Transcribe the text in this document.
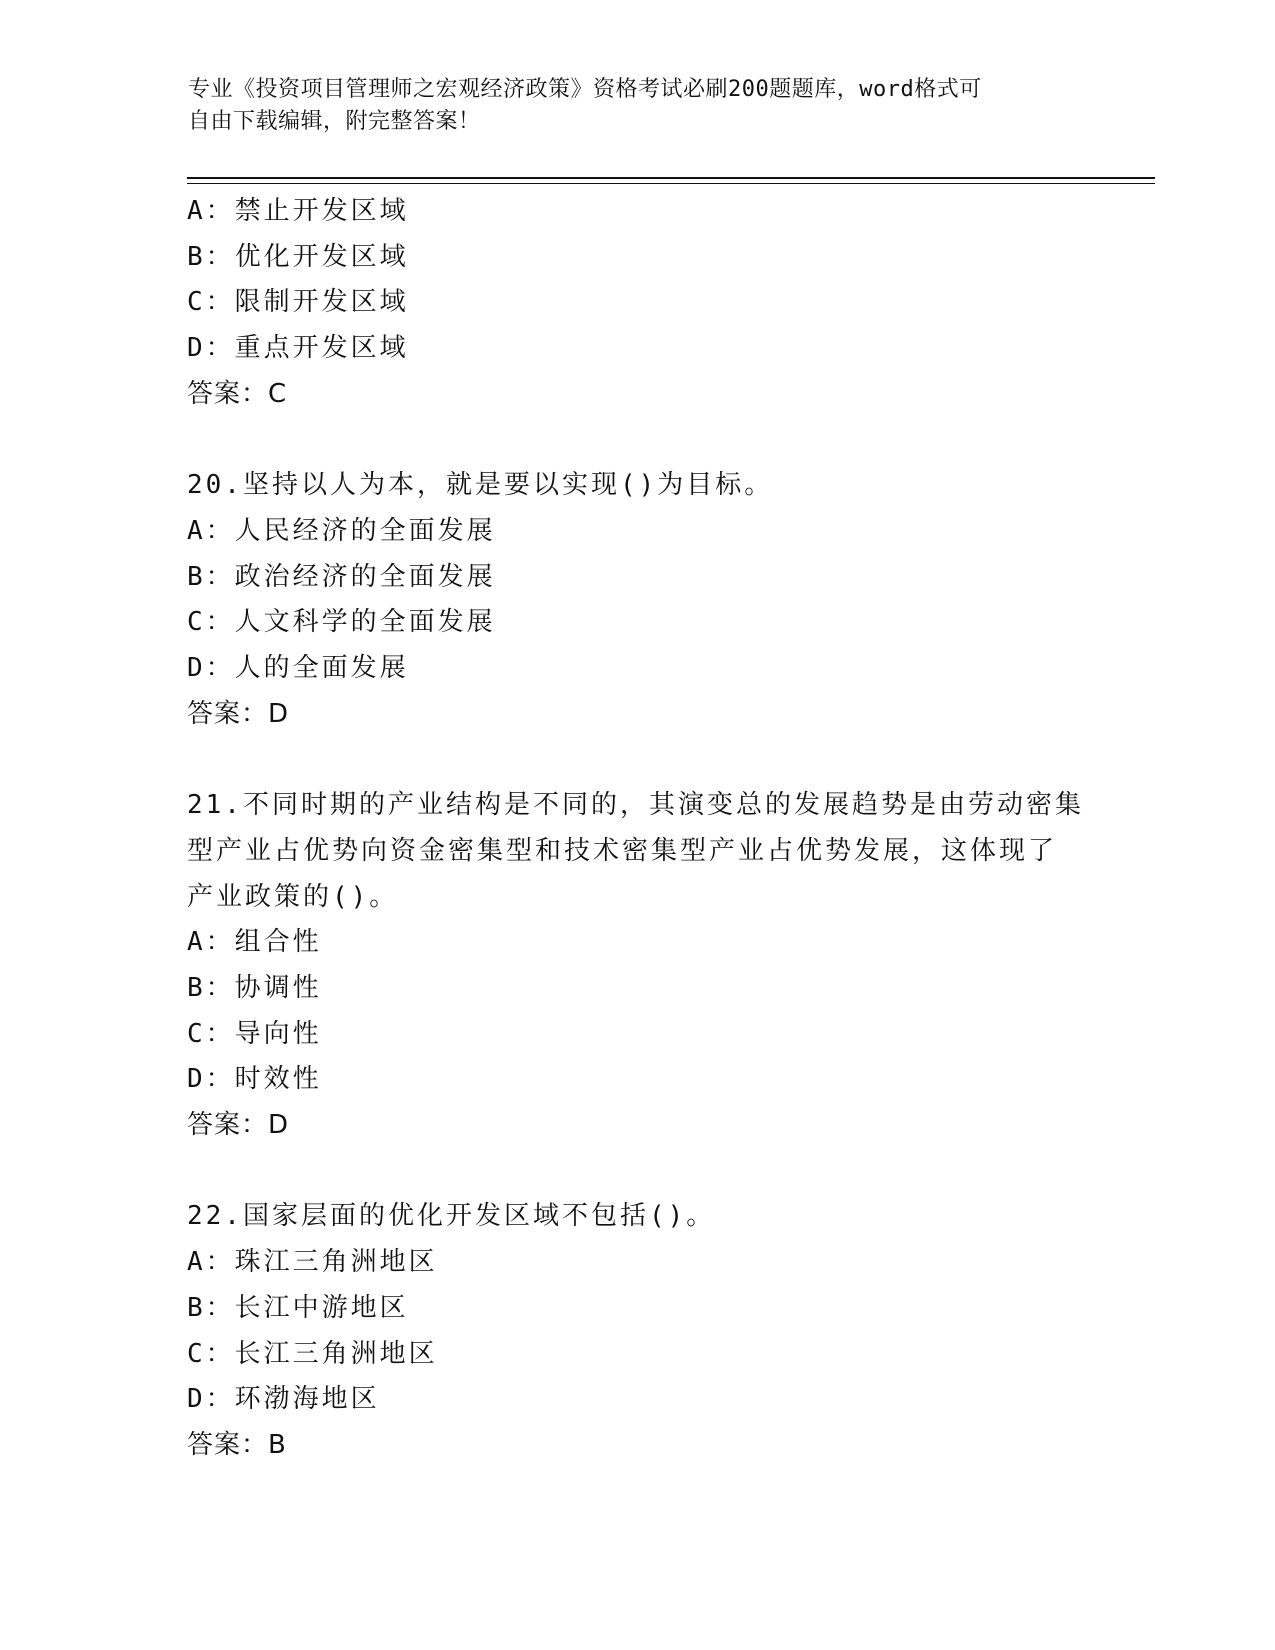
专业《投资项目管理师之宏观经济政策》资格考试必刷200题题库，word格式可
自由下载编辑，附完整答案！
A：禁止开发区域
B：优化开发区域
C：限制开发区域
D：重点开发区域
答案：C
20.坚持以人为本，就是要以实现()为目标。
A：人民经济的全面发展
B：政治经济的全面发展
C：人文科学的全面发展
D：人的全面发展
答案：D
21.不同时期的产业结构是不同的，其演变总的发展趋势是由劳动密集
型产业占优势向资金密集型和技术密集型产业占优势发展，这体现了
产业政策的()。
A：组合性
B：协调性
C：导向性
D：时效性
答案：D
22.国家层面的优化开发区域不包括()。
A：珠江三角洲地区
B：长江中游地区
C：长江三角洲地区
D：环渤海地区
答案：B
